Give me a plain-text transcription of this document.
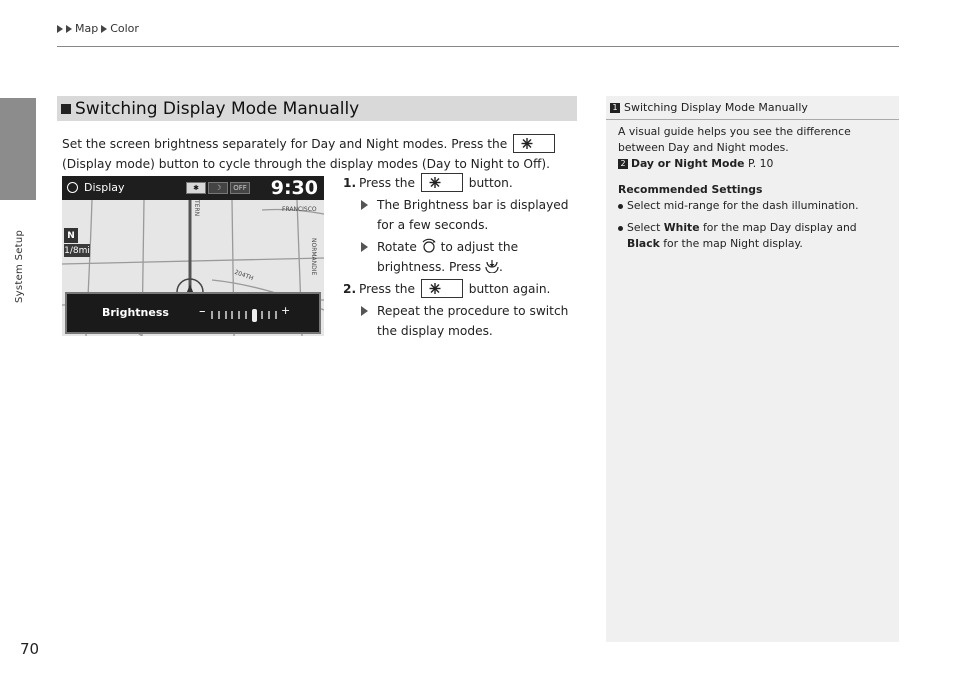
Map Color
System Setup
Switching Display Mode Manually
Set the screen brightness separately for Day and Night modes. Press the

(Display mode) button to cycle through the display modes (Day to Night to Off).
Display	✱	☽	OFF 9:30
N
1/8mi
FRANCISCO
NORMANDIE
204TH
TERN
Brightness –	+
1. Press the	button.
The Brightness bar is displayed for a few seconds.
Rotate to adjust the brightness. Press .
2. Press the	button again.
Repeat the procedure to switch the display modes.
1 Switching Display Mode Manually

A visual guide helps you see the difference between Day and Night modes.
2 Day or Night Mode P. 10

Recommended Settings
Select mid-range for the dash illumination.
Select White for the map Day display and
Black for the map Night display.
70
